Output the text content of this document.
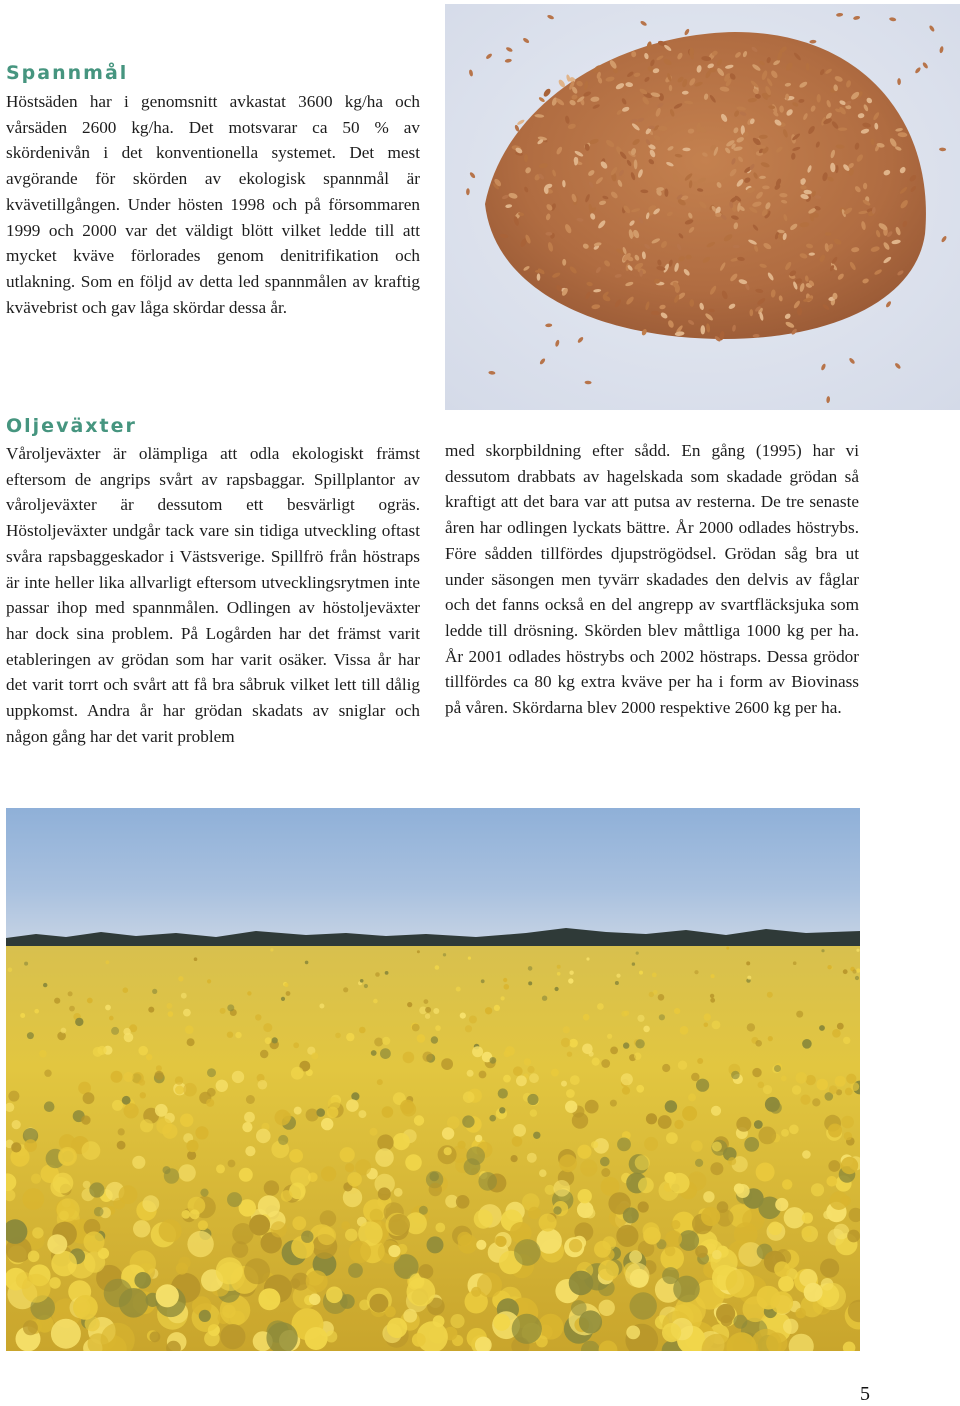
Spannmål

Höstsäden har i genomsnitt avkastat 3600 kg/ha och vårsäden 2600 kg/ha. Det motsvarar ca 50 % av skördenivån i det konventionella systemet. Det mest avgörande för skörden av ekologisk spannmål är kvävetillgången. Under hösten 1998 och på försommaren 1999 och 2000 var det väldigt blött vilket ledde till att mycket kväve förlorades genom denitrifikation och utlakning. Som en följd av detta led spannmålen av kraftig kvävebrist och gav låga skördar dessa år.

Oljeväxter

Våroljeväxter är olämpliga att odla ekologiskt främst eftersom de angrips svårt av rapsbaggar. Spillplantor av våroljeväxter är dessutom ett besvärligt ogräs. Höstoljeväxter undgår tack vare sin tidiga utveckling oftast svåra rapsbaggeskador i Västsverige. Spillfrö från höstraps är inte heller lika allvarligt eftersom utvecklingsrytmen inte passar ihop med spannmålen. Odlingen av höstoljeväxter har dock sina problem. På Logården har det främst varit etableringen av grödan som har varit osäker. Vissa år har det varit torrt och svårt att få bra såbruk vilket lett till dålig uppkomst. Andra år har grödan skadats av sniglar och någon gång har det varit problem

med skorpbildning efter sådd. En gång (1995) har vi dessutom drabbats av hagelskada som skadade grödan så kraftigt att det bara var att putsa av resterna. De tre senaste åren har odlingen lyckats bättre. År 2000 odlades höstrybs. Före sådden tillfördes djupströgödsel. Grödan såg bra ut under säsongen men tyvärr skadades den delvis av fåglar och det fanns också en del angrepp av svartfläcksjuka som ledde till drösning. Skörden blev måttliga 1000 kg per ha. År 2001 odlades höstrybs och 2002 höstraps. Dessa grödor tillfördes ca 80 kg extra kväve per ha i form av Biovinass på våren. Skördarna blev 2000 respektive 2600 kg per ha.

5
